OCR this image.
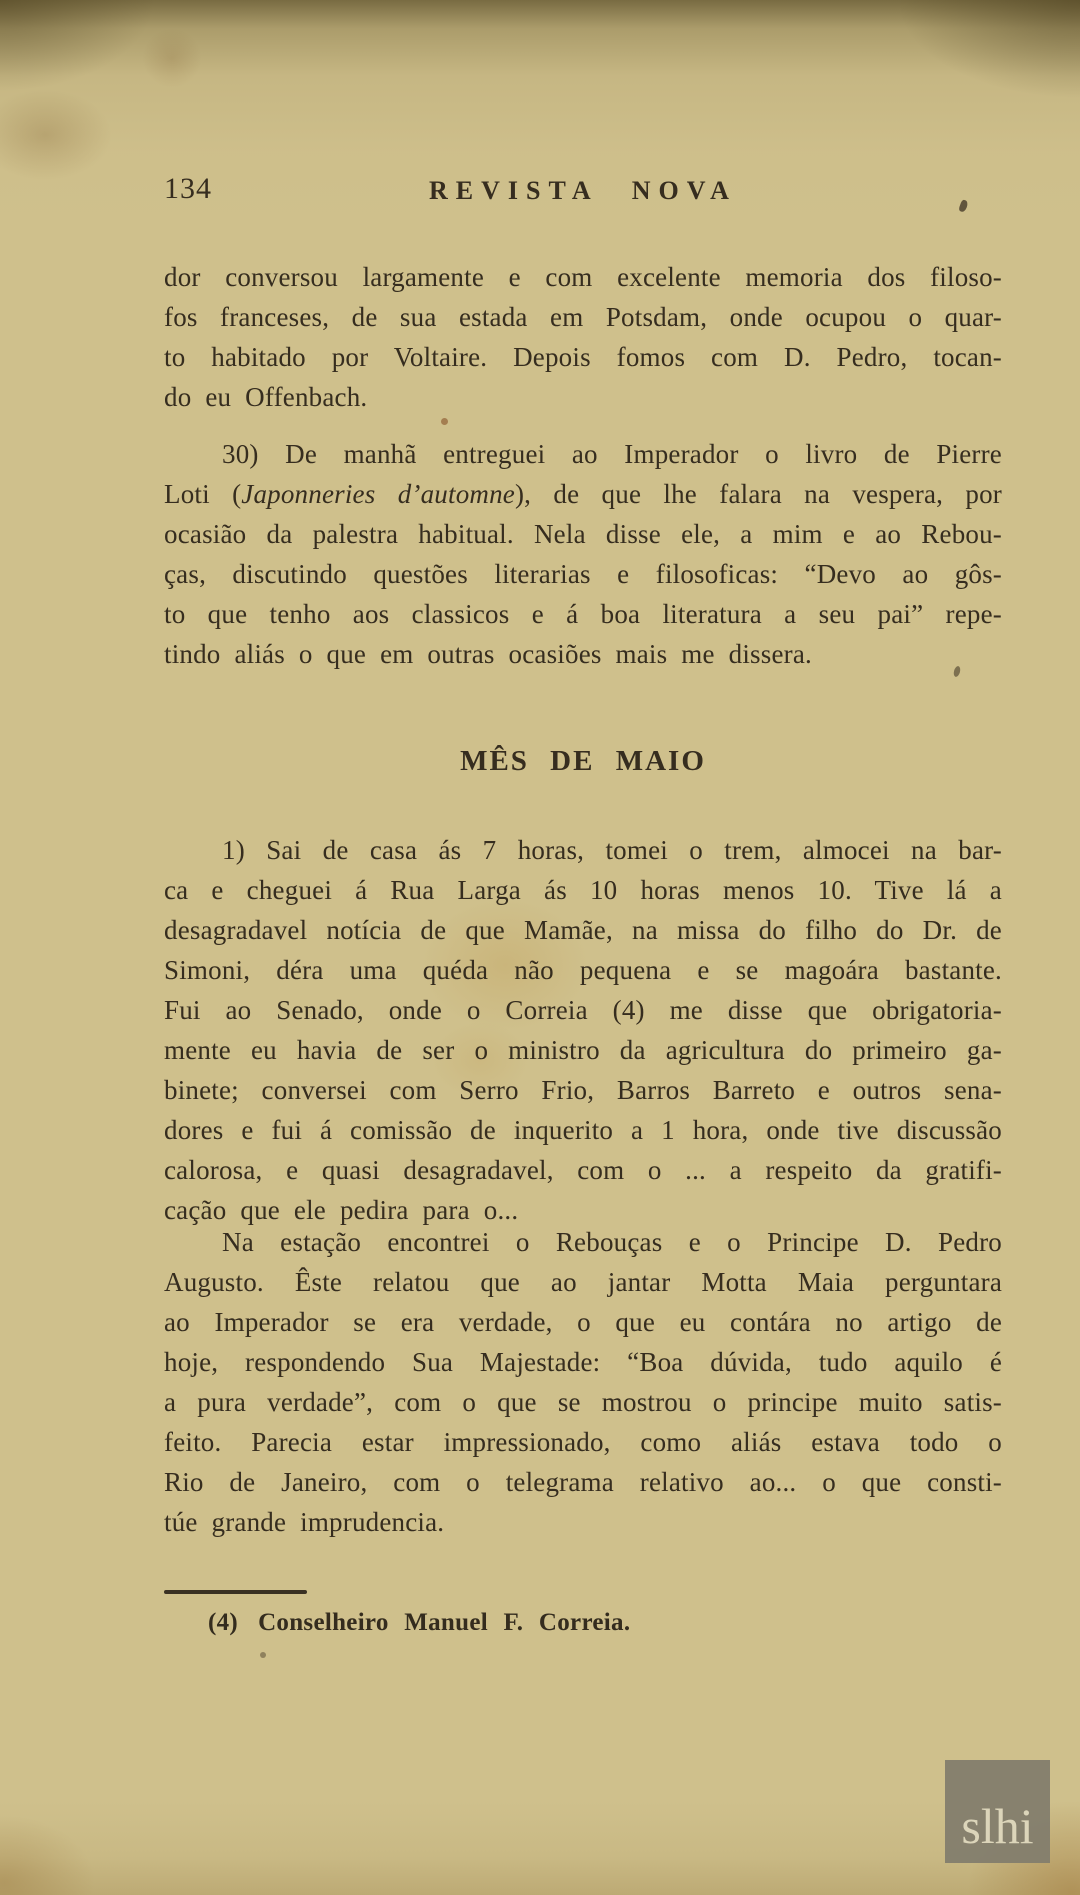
134	REVISTA NOVA
dor conversou largamente e com excelente memoria dos filoso-
fos franceses, de sua estada em Potsdam, onde ocupou o quar-
to habitado por Voltaire. Depois fomos com D. Pedro, tocan-
do eu Offenbach.
30) De manhã entreguei ao Imperador o livro de Pierre
Loti (Japonneries d’automne), de que lhe falara na vespera, por
ocasião da palestra habitual. Nela disse ele, a mim e ao Rebou-
ças, discutindo questões literarias e filosoficas: “Devo ao gôs-
to que tenho aos classicos e á boa literatura a seu pai” repe-
tindo aliás o que em outras ocasiões mais me dissera.
MÊS DE MAIO
1) Sai de casa ás 7 horas, tomei o trem, almocei na bar-
ca e cheguei á Rua Larga ás 10 horas menos 10. Tive lá a
desagradavel notícia de que Mamãe, na missa do filho do Dr. de
Simoni, déra uma quéda não pequena e se magoára bastante.
Fui ao Senado, onde o Correia (4) me disse que obrigatoria-
mente eu havia de ser o ministro da agricultura do primeiro ga-
binete; conversei com Serro Frio, Barros Barreto e outros sena-
dores e fui á comissão de inquerito a 1 hora, onde tive discussão
calorosa, e quasi desagradavel, com o ... a respeito da gratifi-
cação que ele pedira para o...
Na estação encontrei o Rebouças e o Principe D. Pedro
Augusto. Êste relatou que ao jantar Motta Maia perguntara
ao Imperador se era verdade, o que eu contára no artigo de
hoje, respondendo Sua Majestade: “Boa dúvida, tudo aquilo é
a pura verdade”, com o que se mostrou o principe muito satis-
feito. Parecia estar impressionado, como aliás estava todo o
Rio de Janeiro, com o telegrama relativo ao... o que consti-
túe grande imprudencia.
(4) Conselheiro Manuel F. Correia.
slhi
